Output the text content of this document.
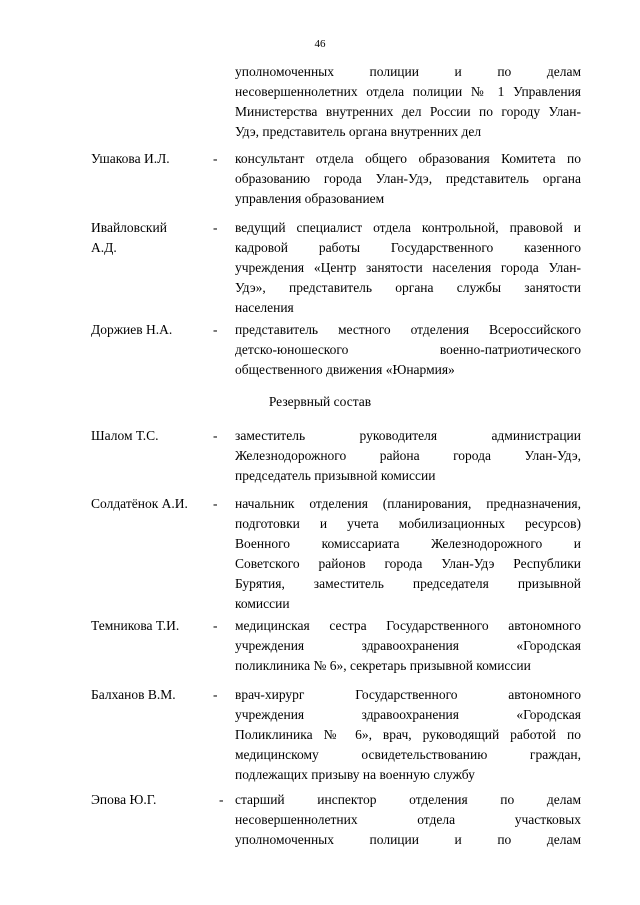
46
уполномоченных полиции и по делам
несовершеннолетних отдела полиции № 1 Управления
Министерства внутренних дел России по городу Улан-
Удэ, представитель органа внутренних дел
Ушакова И.Л.	-	консультант отдела общего образования Комитета по
образованию города Улан-Удэ, представитель органа
управления образованием
Ивайловский
А.Д.
-	ведущий специалист отдела контрольной, правовой и
кадровой работы Государственного казенного
учреждения «Центр занятости населения города Улан-
Удэ», представитель органа службы занятости
населения
Доржиев Н.А.	-	представитель местного отделения Всероссийского
детско-юношеского военно-патриотического
общественного движения «Юнармия»
Резервный состав
Шалом Т.С.	-	заместитель руководителя администрации
Железнодорожного района города Улан-Удэ,
председатель призывной комиссии
Солдатёнок А.И.	-	начальник отделения (планирования, предназначения,
подготовки и учета мобилизационных ресурсов)
Военного комиссариата Железнодорожного и
Советского районов города Улан-Удэ Республики
Бурятия, заместитель председателя призывной
комиссии
Темникова Т.И.	-	медицинская сестра Государственного автономного
учреждения здравоохранения «Городская
поликлиника № 6», секретарь призывной комиссии
Балханов В.М.	-	врач-хирург Государственного автономного
учреждения здравоохранения «Городская
Поликлиника № 6», врач, руководящий работой по
медицинскому освидетельствованию граждан,
подлежащих призыву на военную службу
Эпова Ю.Г.	- старший инспектор отделения по делам
несовершеннолетних отдела участковых
уполномоченных полиции и по делам
